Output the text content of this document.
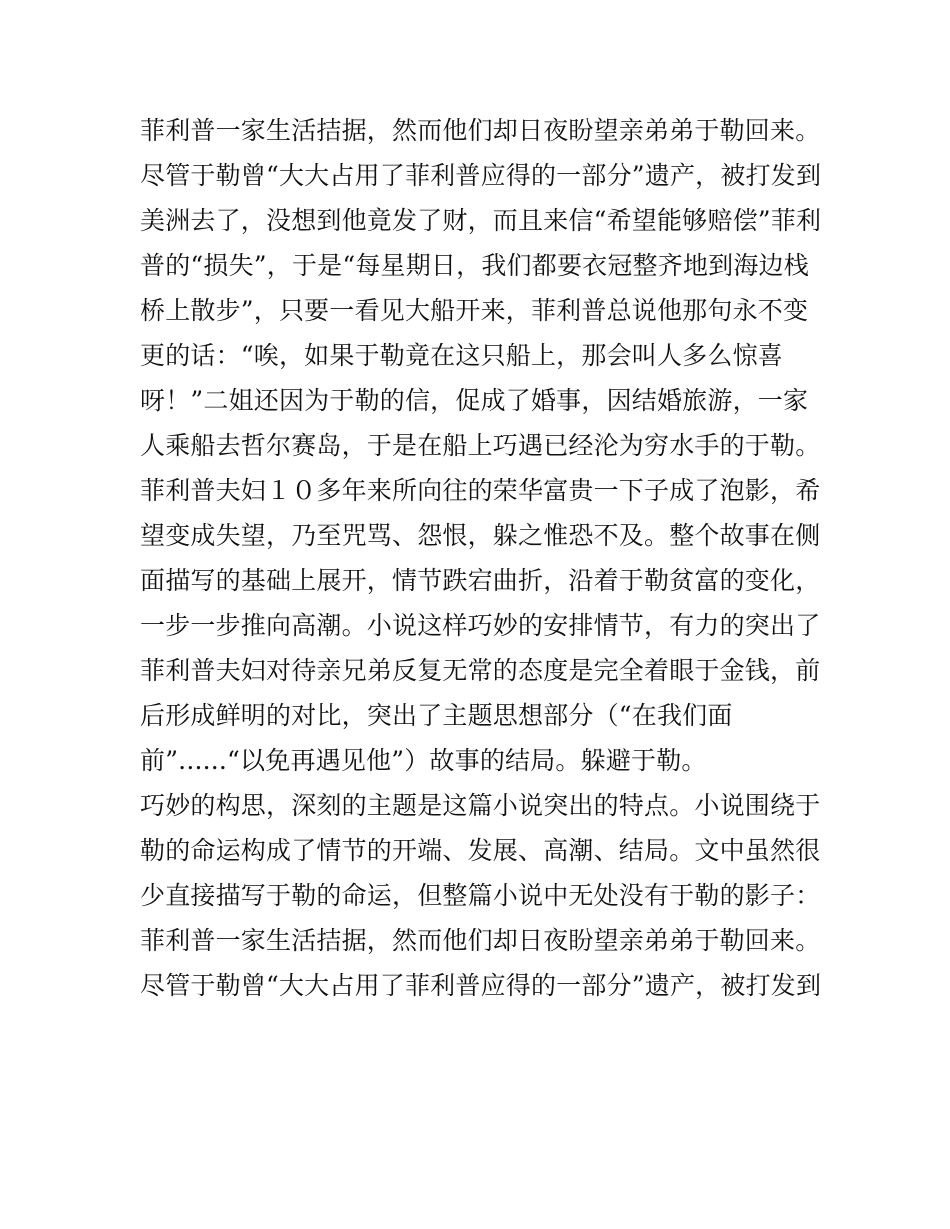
菲利普一家生活拮据，然而他们却日夜盼望亲弟弟于勒回来。
尽管于勒曾“大大占用了菲利普应得的一部分”遗产，被打发到
美洲去了，没想到他竟发了财，而且来信“希望能够赔偿”菲利
普的“损失”，于是“每星期日，我们都要衣冠整齐地到海边栈
桥上散步”，只要一看见大船开来，菲利普总说他那句永不变
更的话：“唉，如果于勒竟在这只船上，那会叫人多么惊喜
呀！”二姐还因为于勒的信，促成了婚事，因结婚旅游，一家
人乘船去哲尔赛岛，于是在船上巧遇已经沦为穷水手的于勒。
菲利普夫妇１０多年来所向往的荣华富贵一下子成了泡影，希
望变成失望，乃至咒骂、怨恨，躲之惟恐不及。整个故事在侧
面描写的基础上展开，情节跌宕曲折，沿着于勒贫富的变化，
一步一步推向高潮。小说这样巧妙的安排情节，有力的突出了
菲利普夫妇对待亲兄弟反复无常的态度是完全着眼于金钱，前
后形成鲜明的对比，突出了主题思想部分（“在我们面
前”......“以免再遇见他”）故事的结局。躲避于勒。
巧妙的构思，深刻的主题是这篇小说突出的特点。小说围绕于
勒的命运构成了情节的开端、发展、高潮、结局。文中虽然很
少直接描写于勒的命运，但整篇小说中无处没有于勒的影子：
菲利普一家生活拮据，然而他们却日夜盼望亲弟弟于勒回来。
尽管于勒曾“大大占用了菲利普应得的一部分”遗产，被打发到
